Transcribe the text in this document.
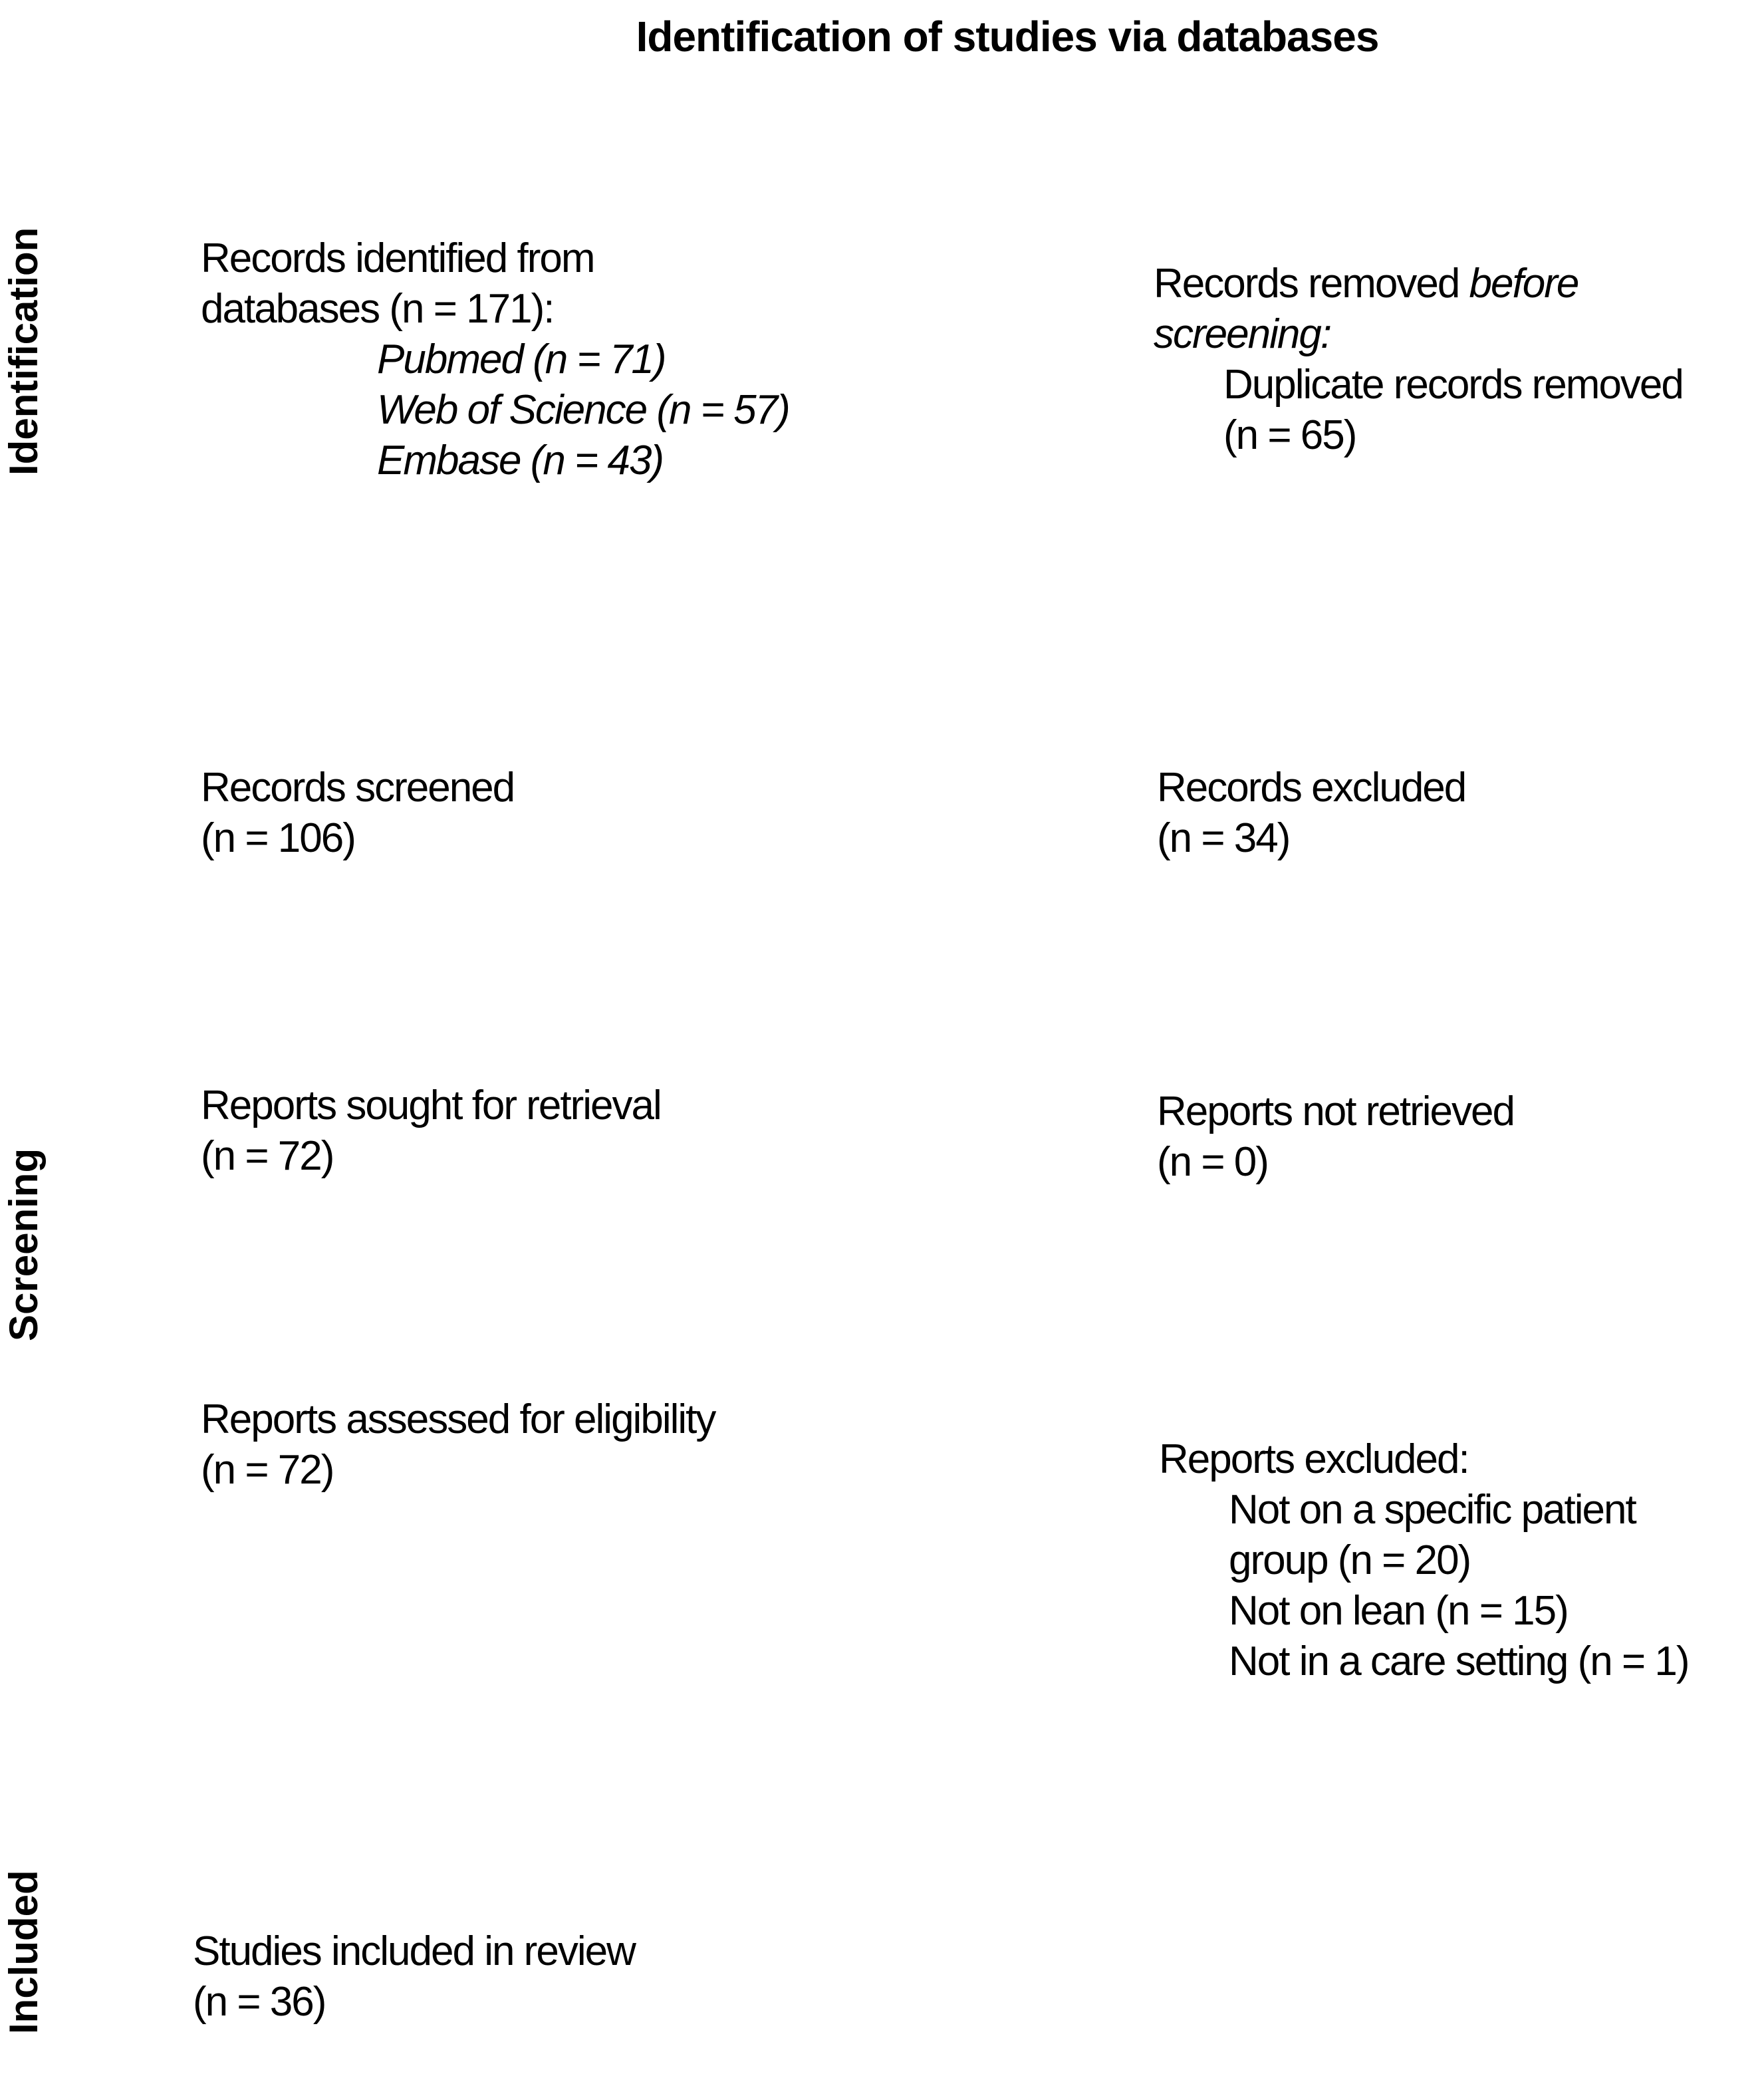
Identification of studies via databases
Identification
Screening
Included
Records identified from
databases (n = 171):
Pubmed (n = 71)
Web of Science (n = 57)
Embase (n = 43)
Records removed before
screening:
Duplicate records removed
(n = 65)
Records screened
(n = 106)
Records excluded
(n = 34)
Reports sought for retrieval
(n = 72)
Reports not retrieved
(n = 0)
Reports assessed for eligibility
(n = 72)	Reports excluded:
Not on a specific patient
group (n = 20)
Not on lean (n = 15)
Not in a care setting (n = 1)
Studies included in review
(n = 36)
